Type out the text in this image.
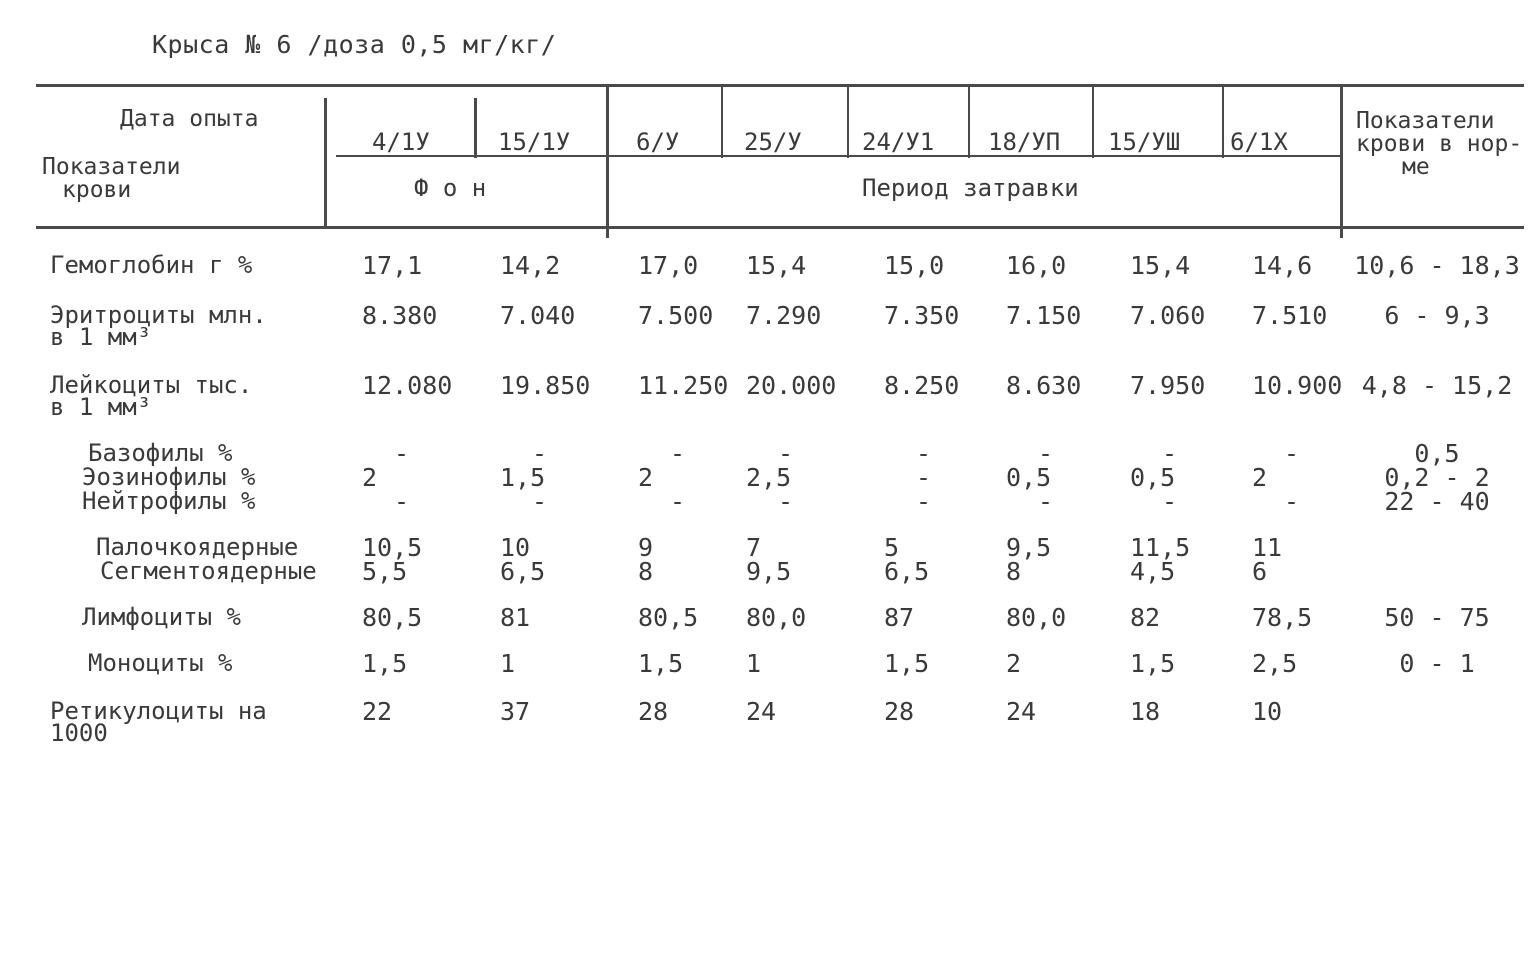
Крыса № 6 /доза 0,5 мг/кг/
Дата опыта
Показатели
крови
4/1У	15/1У	6/У	25/У	24/У1 18/УП 15/УШ 6/1Х
Ф о н	Период затравки
Показатели
крови в нор-
ме
Гемоглобин г %	17,1	14,2	17,0 15,4	15,0 16,0	15,4 14,6	10,6 - 18,3
Эритроциты млн.
в 1 мм³
8.380	7.040	7.500 7.290	7.350 7.150 7.060 7.510	6 - 9,3
Лейкоциты тыс.
в 1 мм³
12.080 19.850 11.250 20.000 8.250 8.630 7.950 10.900 4,8 - 15,2
Базофилы %	-	-	-	-	-	-	-	-	0,5
Эозинофилы %	2	1,5	2	2,5	-	0,5	0,5	2	0,2 - 2
Нейтрофилы %	-	-	-	-	-	-	-	-	22 - 40
Палочкоядерные	10,5	10	9	7	5	9,5	11,5 11
Сегментоядерные 5,5	6,5	8	9,5	6,5	8	4,5	6
Лимфоциты %	80,5	81	80,5 80,0	87	80,0	82	78,5	50 - 75
Моноциты %	1,5	1	1,5	1	1,5	2	1,5	2,5	0 - 1
Ретикулоциты на
1000
22	37	28	24	28	24	18	10
